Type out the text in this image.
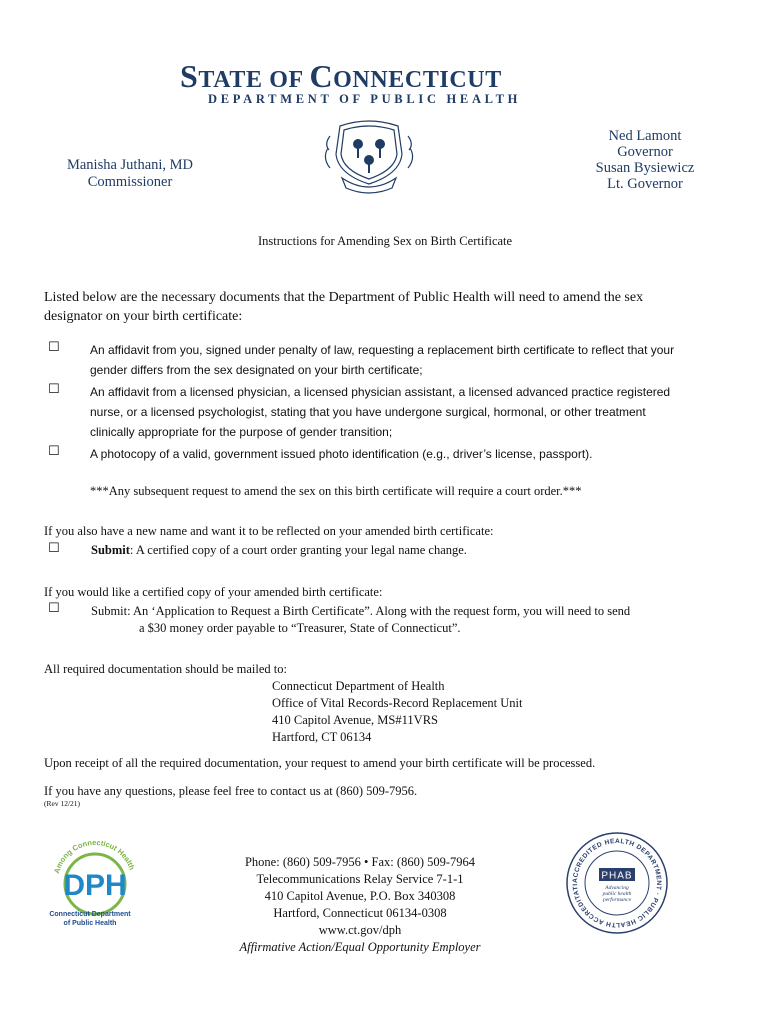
STATE OF CONNECTICUT
DEPARTMENT OF PUBLIC HEALTH
Manisha Juthani, MD
Commissioner
Ned Lamont
Governor
Susan Bysiewicz
Lt. Governor
Instructions for Amending Sex on Birth Certificate
Listed below are the necessary documents that the Department of Public Health will need to amend the sex
designator on your birth certificate:
☐	An affidavit from you, signed under penalty of law, requesting a replacement birth certificate to reflect that your
gender differs from the sex designated on your birth certificate;
☐	An affidavit from a licensed physician, a licensed physician assistant, a licensed advanced practice registered
nurse, or a licensed psychologist, stating that you have undergone surgical, hormonal, or other treatment
clinically appropriate for the purpose of gender transition;
☐	A photocopy of a valid, government issued photo identification (e.g., driver’s license, passport).
***Any subsequent request to amend the sex on this birth certificate will require a court order.***
If you also have a new name and want it to be reflected on your amended birth certificate:
☐	Submit: A certified copy of a court order granting your legal name change.
If you would like a certified copy of your amended birth certificate:
☐	Submit: An ‘Application to Request a Birth Certificate”. Along with the request form, you will need to send
a $30 money order payable to “Treasurer, State of Connecticut”.
All required documentation should be mailed to:
Connecticut Department of Health
Office of Vital Records-Record Replacement Unit
410 Capitol Avenue, MS#11VRS
Hartford, CT 06134
Upon receipt of all the required documentation, your request to amend your birth certificate will be processed.
If you have any questions, please feel free to contact us at (860) 509-7956.
(Rev 12/21)
Among Connecticut Health
DPH
Connecticut Department
of Public Health
Phone: (860) 509-7956 • Fax: (860) 509-7964
Telecommunications Relay Service 7-1-1
410 Capitol Avenue, P.O. Box 340308
Hartford, Connecticut 06134-0308
www.ct.gov/dph
Affirmative Action/Equal Opportunity Employer
ACCREDITED HEALTH DEPARTMENT · PUBLIC HEALTH ACCREDITATI
PHAB
Advancing
public health
performance
